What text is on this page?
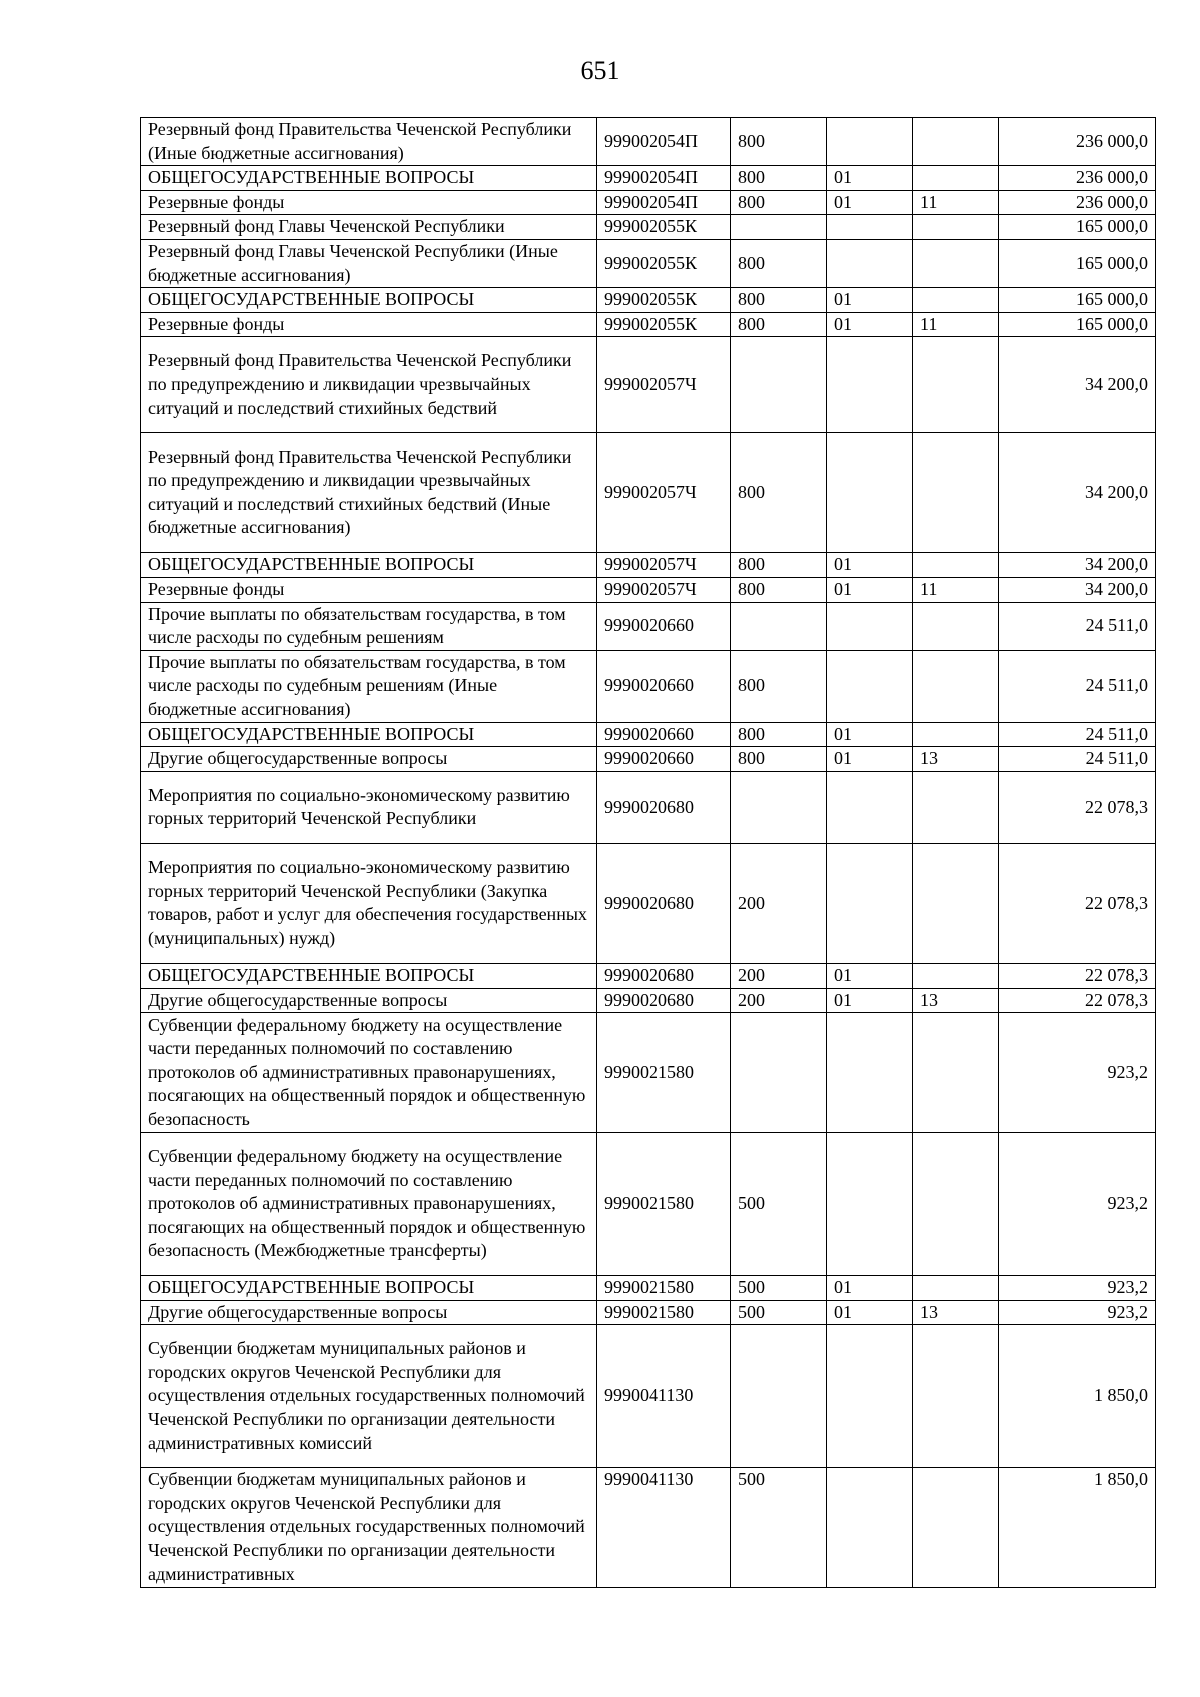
651
Резервный фонд Правительства Чеченской Республики (Иные бюджетные ассигнования)	999002054П	800			236 000,0
ОБЩЕГОСУДАРСТВЕННЫЕ ВОПРОСЫ	999002054П	800	01		236 000,0
Резервные фонды	999002054П	800	01	11	236 000,0
Резервный фонд Главы Чеченской Республики	999002055К				165 000,0
Резервный фонд Главы Чеченской Республики (Иные бюджетные ассигнования)	999002055К	800			165 000,0
ОБЩЕГОСУДАРСТВЕННЫЕ ВОПРОСЫ	999002055К	800	01		165 000,0
Резервные фонды	999002055К	800	01	11	165 000,0
Резервный фонд Правительства Чеченской Республики по предупреждению и ликвидации чрезвычайных ситуаций и последствий стихийных бедствий	999002057Ч				34 200,0
Резервный фонд Правительства Чеченской Республики по предупреждению и ликвидации чрезвычайных ситуаций и последствий стихийных бедствий (Иные бюджетные ассигнования)	999002057Ч	800			34 200,0
ОБЩЕГОСУДАРСТВЕННЫЕ ВОПРОСЫ	999002057Ч	800	01		34 200,0
Резервные фонды	999002057Ч	800	01	11	34 200,0
Прочие выплаты по обязательствам государства, в том числе расходы по судебным решениям	9990020660				24 511,0
Прочие выплаты по обязательствам государства, в том числе расходы по судебным решениям (Иные бюджетные ассигнования)	9990020660	800			24 511,0
ОБЩЕГОСУДАРСТВЕННЫЕ ВОПРОСЫ	9990020660	800	01		24 511,0
Другие общегосударственные вопросы	9990020660	800	01	13	24 511,0
Мероприятия по социально-экономическому развитию горных территорий Чеченской Республики	9990020680				22 078,3
Мероприятия по социально-экономическому развитию горных территорий Чеченской Республики (Закупка товаров, работ и услуг для обеспечения государственных (муниципальных) нужд)	9990020680	200			22 078,3
ОБЩЕГОСУДАРСТВЕННЫЕ ВОПРОСЫ	9990020680	200	01		22 078,3
Другие общегосударственные вопросы	9990020680	200	01	13	22 078,3
Субвенции федеральному бюджету на осуществление части переданных полномочий по составлению протоколов об административных правонарушениях, посягающих на общественный порядок и общественную безопасность	9990021580				923,2
Субвенции федеральному бюджету на осуществление части переданных полномочий по составлению протоколов об административных правонарушениях, посягающих на общественный порядок и общественную безопасность (Межбюджетные трансферты)	9990021580	500			923,2
ОБЩЕГОСУДАРСТВЕННЫЕ ВОПРОСЫ	9990021580	500	01		923,2
Другие общегосударственные вопросы	9990021580	500	01	13	923,2
Субвенции бюджетам муниципальных районов и городских округов Чеченской Республики для осуществления отдельных государственных полномочий Чеченской Республики по организации деятельности административных комиссий	9990041130				1 850,0
Субвенции бюджетам муниципальных районов и городских округов Чеченской Республики для осуществления отдельных государственных полномочий Чеченской Республики по организации деятельности административных	9990041130	500			1 850,0
